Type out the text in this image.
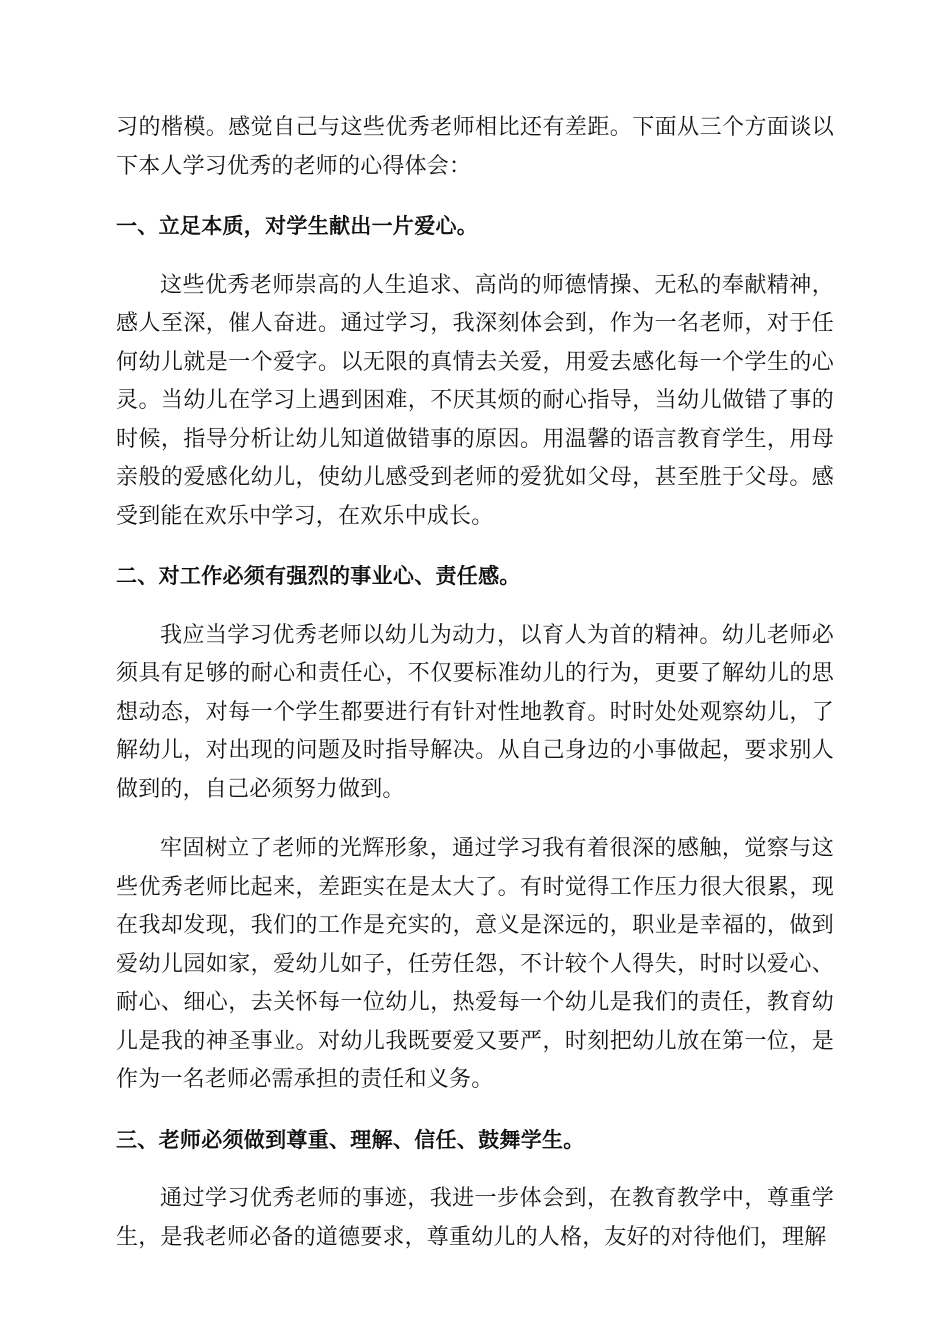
习的楷模。感觉自己与这些优秀老师相比还有差距。下面从三个方面谈以下本人学习优秀的老师的心得体会：

一、立足本质，对学生献出一片爱心。

这些优秀老师崇高的人生追求、高尚的师德情操、无私的奉献精神，感人至深，催人奋进。通过学习，我深刻体会到，作为一名老师，对于任何幼儿就是一个爱字。以无限的真情去关爱，用爱去感化每一个学生的心灵。当幼儿在学习上遇到困难，不厌其烦的耐心指导，当幼儿做错了事的时候，指导分析让幼儿知道做错事的原因。用温馨的语言教育学生，用母亲般的爱感化幼儿，使幼儿感受到老师的爱犹如父母，甚至胜于父母。感受到能在欢乐中学习，在欢乐中成长。

二、对工作必须有强烈的事业心、责任感。

我应当学习优秀老师以幼儿为动力，以育人为首的精神。幼儿老师必须具有足够的耐心和责任心，不仅要标准幼儿的行为，更要了解幼儿的思想动态，对每一个学生都要进行有针对性地教育。时时处处观察幼儿，了解幼儿，对出现的问题及时指导解决。从自己身边的小事做起，要求别人做到的，自己必须努力做到。

牢固树立了老师的光辉形象，通过学习我有着很深的感触，觉察与这些优秀老师比起来，差距实在是太大了。有时觉得工作压力很大很累，现在我却发现，我们的工作是充实的，意义是深远的，职业是幸福的，做到爱幼儿园如家，爱幼儿如子，任劳任怨，不计较个人得失，时时以爱心、耐心、细心，去关怀每一位幼儿，热爱每一个幼儿是我们的责任，教育幼儿是我的神圣事业。对幼儿我既要爱又要严，时刻把幼儿放在第一位，是作为一名老师必需承担的责任和义务。

三、老师必须做到尊重、理解、信任、鼓舞学生。

通过学习优秀老师的事迹，我进一步体会到，在教育教学中，尊重学生，是我老师必备的道德要求，尊重幼儿的人格，友好的对待他们，理解
